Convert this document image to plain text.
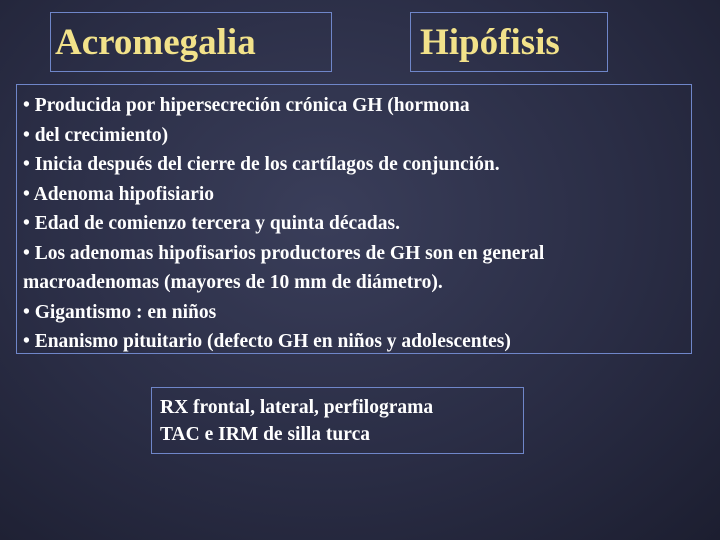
Acromegalia	Hipófisis
• Producida por hipersecreción crónica GH (hormona
• del crecimiento)
• Inicia después del cierre de los cartílagos de conjunción.
• Adenoma hipofisiario
• Edad de comienzo tercera y quinta décadas.
• Los adenomas hipofisarios productores de GH son en general
macroadenomas (mayores de 10 mm de diámetro).
• Gigantismo : en niños
• Enanismo pituitario (defecto GH en niños y adolescentes)
RX frontal, lateral, perfilograma
TAC e IRM de silla turca
